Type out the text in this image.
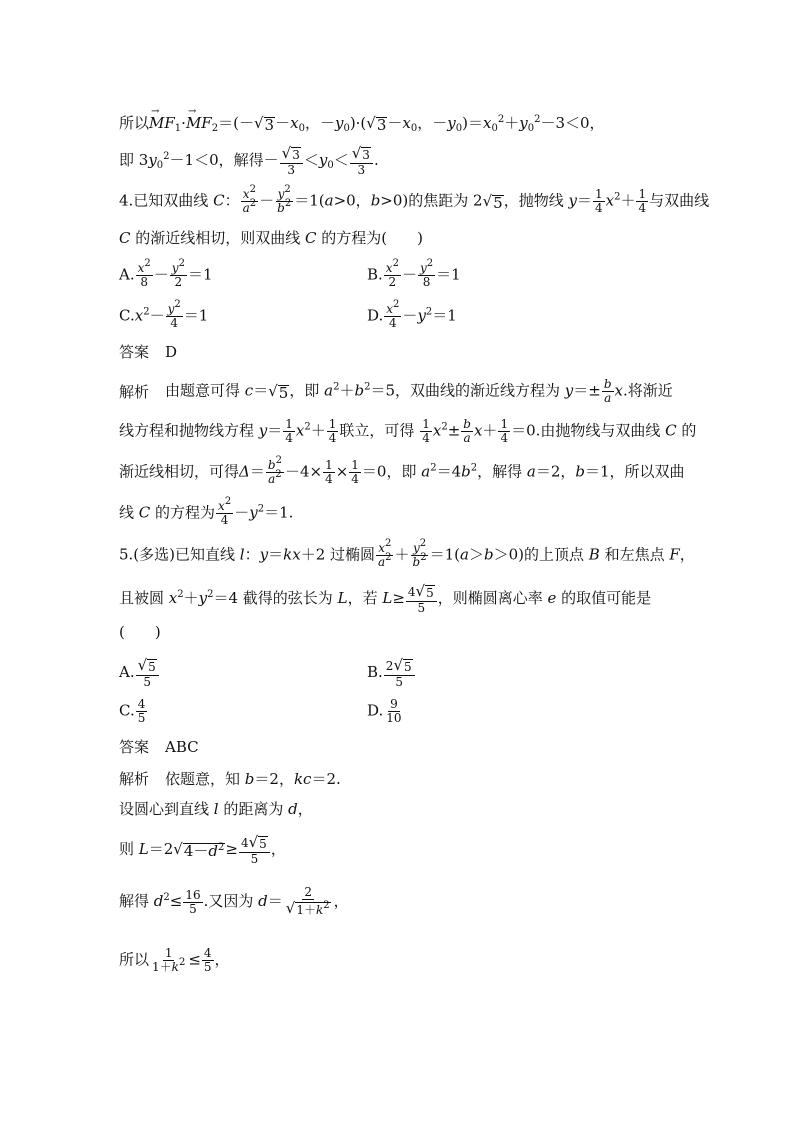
所以→ $MF_1\cdot\to MF_2=(-$ √ $3 -x_0$，$-y_0)\cdot$( √ $3 -x_0$，$-y_0)=x_0^2+y_0^2-3<0$，
即 $3y_0^2-1<0$，解得－ $\frac{√ 3}{3} <y_0< \frac{√ 3}{3}$ .
4.已知双曲线 C： $\frac{x^2}{a^2} - \frac{y^2}{b^2} =1(a>0$，b>0)的焦距为 2 √ 5 ，抛物线 $y= \frac{1}{4} x^2+ \frac{1}{4}$ 与双曲线
C 的渐近线相切，则双曲线 C 的方程为(　　)
A. $\frac{x^2}{8} - \frac{y^2}{2} =1$	B. $\frac{x^2}{2} - \frac{y^2}{8} =1$
$C.x^2- \frac{y^2}{4} =1$	D. $\frac{x^2}{4} -y^2=1$
答案 D
解析 由题意可得 c＝ √ 5 ，即 $a^2+b^2=5$，双曲线的渐近线方程为 $y=\pm \frac{b}{a} x$.将渐近
线方程和抛物线方程 $y= \frac{1}{4} x^2+ \frac{1}{4}$ 联立，可得 $\frac{1}{4} x^2\pm \frac{b}{a} x+ \frac{1}{4} =0$.由抛物线与双曲线 C 的
渐近线相切，可得$\Delta= \frac{b^2}{a^2} -4\times \frac{1}{4} \times \frac{1}{4} =0$，即 $a^2=4b^2$，解得 a＝2，b＝1，所以双曲
线 C 的方程为 $\frac{x^2}{4} -y^2=1$.
5.(多选)已知直线 l：y＝kx＋2 过椭圆 $\frac{x^2}{a^2} + \frac{y^2}{b^2} =1(a>b>0)$的上顶点 B 和左焦点 F，
且被圆 $x^2+y^2=4$ 截得的弦长为 L，若 $L\ge \frac{4 √ 5}{5}$ ，则椭圆离心率 e 的取值可能是
(　　)
A. $\frac{√ 5}{5}$	B. $\frac{2 √ 5}{5}$
C. $\frac{4}{5}$	D. $\frac{9}{10}$
答案 ABC
解析 依题意，知 b＝2，kc＝2.
设圆心到直线 l 的距离为 d，
则 L＝2 √ $4-d^2 \ge \frac{4 √ 5}{5}$ ，
解得 $d^2\le \frac{16}{5}$ .又因为 $d= \frac{2}{√ 1+k^2}$ ，
所以 $\frac{1}{1+k^2} \le \frac{4}{5}$ ，
